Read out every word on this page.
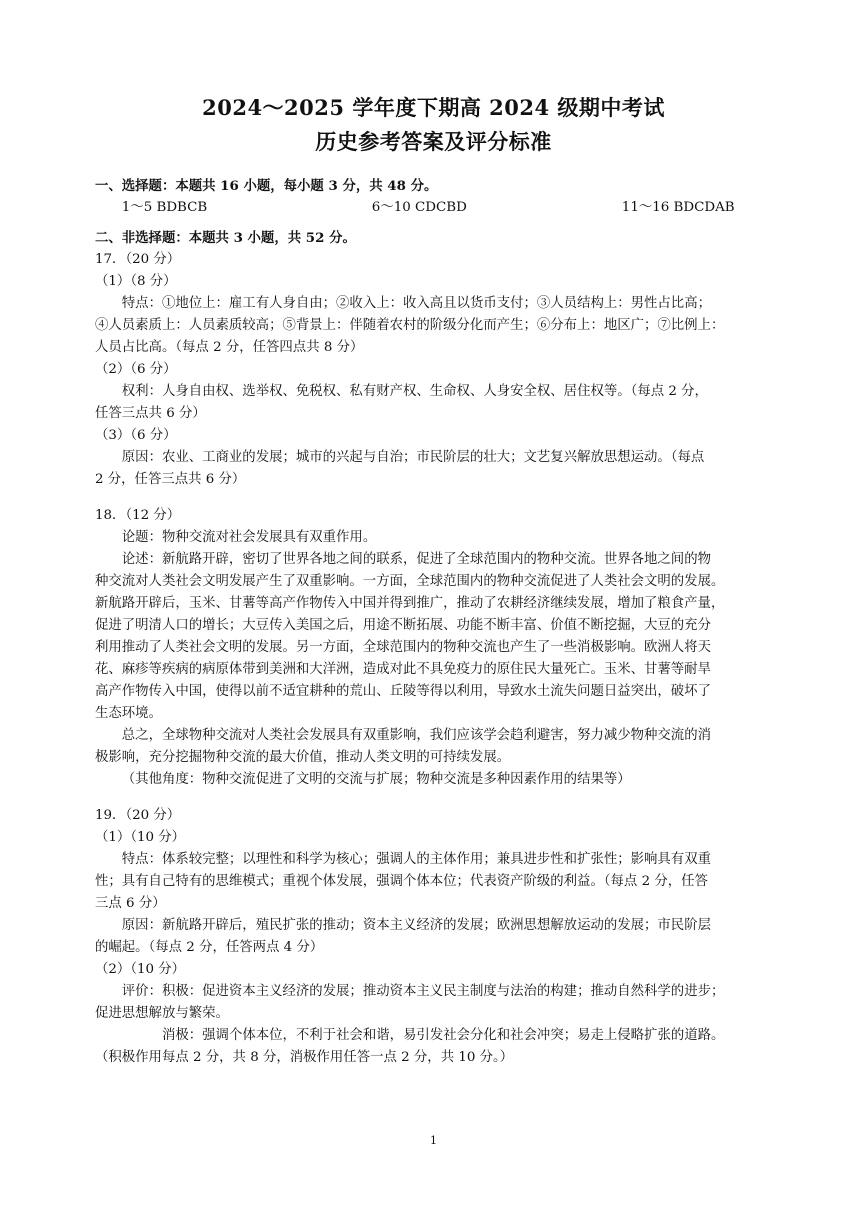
2024～2025 学年度下期高 2024 级期中考试
历史参考答案及评分标准
一、选择题：本题共 16 小题，每小题 3 分，共 48 分。
1～5 BDBCB	6～10 CDCBD	11～16 BDCDAB
二、非选择题：本题共 3 小题，共 52 分。
17．（20 分）
（1）（8 分）
特点：①地位上：雇工有人身自由；②收入上：收入高且以货币支付；③人员结构上：男性占比高；
④人员素质上：人员素质较高；⑤背景上：伴随着农村的阶级分化而产生；⑥分布上：地区广；⑦比例上：
人员占比高。（每点 2 分，任答四点共 8 分）
（2）（6 分）
权利：人身自由权、选举权、免税权、私有财产权、生命权、人身安全权、居住权等。（每点 2 分，
任答三点共 6 分）
（3）（6 分）
原因：农业、工商业的发展；城市的兴起与自治；市民阶层的壮大；文艺复兴解放思想运动。（每点
2 分，任答三点共 6 分）
18．（12 分）
论题：物种交流对社会发展具有双重作用。
论述：新航路开辟，密切了世界各地之间的联系，促进了全球范围内的物种交流。世界各地之间的物
种交流对人类社会文明发展产生了双重影响。一方面，全球范围内的物种交流促进了人类社会文明的发展。
新航路开辟后，玉米、甘薯等高产作物传入中国并得到推广，推动了农耕经济继续发展，增加了粮食产量，
促进了明清人口的增长；大豆传入美国之后，用途不断拓展、功能不断丰富、价值不断挖掘，大豆的充分
利用推动了人类社会文明的发展。另一方面，全球范围内的物种交流也产生了一些消极影响。欧洲人将天
花、麻疹等疾病的病原体带到美洲和大洋洲，造成对此不具免疫力的原住民大量死亡。玉米、甘薯等耐旱
高产作物传入中国，使得以前不适宜耕种的荒山、丘陵等得以利用，导致水土流失问题日益突出，破坏了
生态环境。
总之，全球物种交流对人类社会发展具有双重影响，我们应该学会趋利避害，努力减少物种交流的消
极影响，充分挖掘物种交流的最大价值，推动人类文明的可持续发展。
（其他角度：物种交流促进了文明的交流与扩展；物种交流是多种因素作用的结果等）
19．（20 分）
（1）（10 分）
特点：体系较完整；以理性和科学为核心；强调人的主体作用；兼具进步性和扩张性；影响具有双重
性；具有自己特有的思维模式；重视个体发展，强调个体本位；代表资产阶级的利益。（每点 2 分，任答
三点 6 分）
原因：新航路开辟后，殖民扩张的推动；资本主义经济的发展；欧洲思想解放运动的发展；市民阶层
的崛起。（每点 2 分，任答两点 4 分）
（2）（10 分）
评价：积极：促进资本主义经济的发展；推动资本主义民主制度与法治的构建；推动自然科学的进步；
促进思想解放与繁荣。
消极：强调个体本位，不利于社会和谐，易引发社会分化和社会冲突；易走上侵略扩张的道路。
（积极作用每点 2 分，共 8 分，消极作用任答一点 2 分，共 10 分。）
1
